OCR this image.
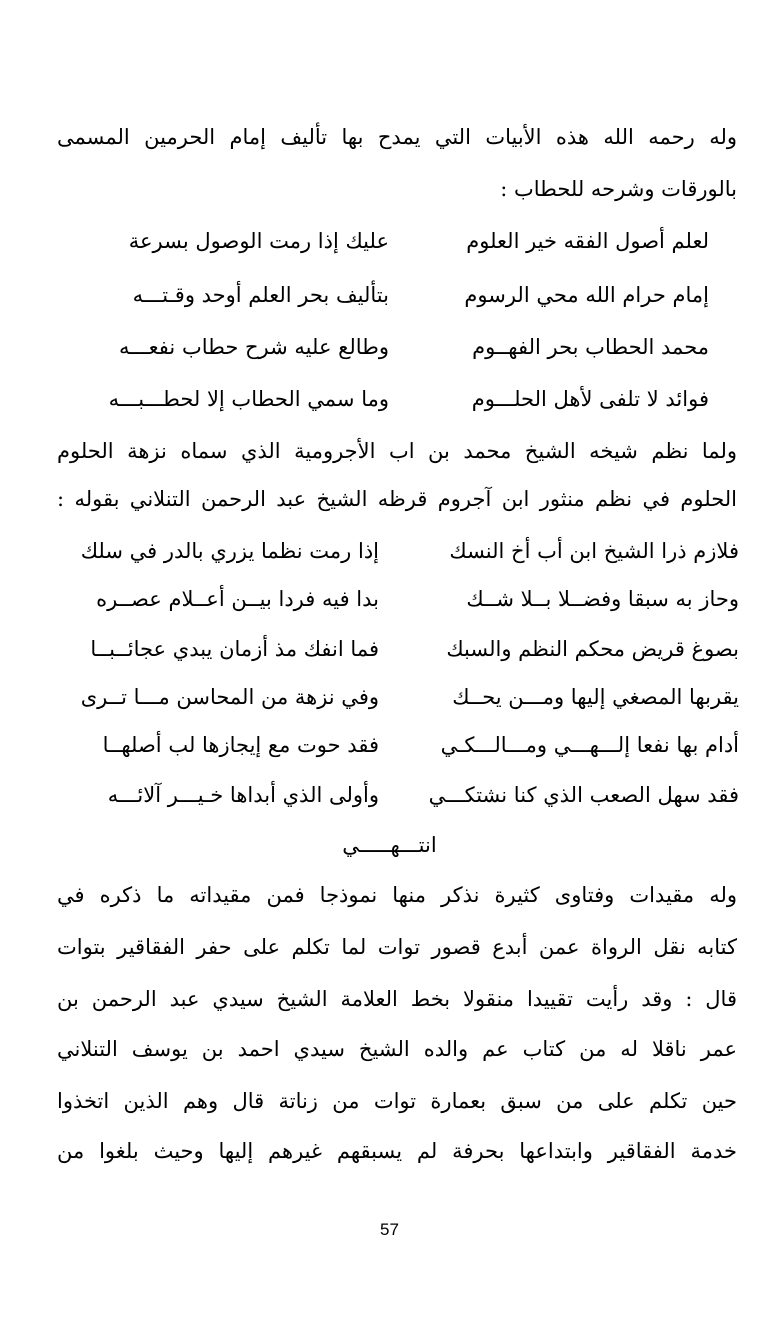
وله رحمه الله هذه الأبيات التي يمدح بها تأليف إمام الحرمين المسمى
بالورقات وشرحه للحطاب :
عليك إذا رمت الوصول بسرعة	لعلم أصول الفقه خير العلوم
بتأليف بحر العلم أوحد وقـتـــه	إمام حرام الله محي الرسوم
وطالع عليه شرح حطاب نفعـــه	محمد الحطاب بحر الفهــوم
وما سمي الحطاب إلا لحطـــبـــه	فوائد لا تلفى لأهل الحلـــوم
ولما نظم شيخه الشيخ محمد بن اب الأجرومية الذي سماه نزهة الحلوم
الحلوم في نظم منثور ابن آجروم قرظه الشيخ عبد الرحمن التنلاني بقوله :
إذا رمت نظما يزري بالدر في سلك	فلازم ذرا الشيخ ابن أب أخ النسك
بدا فيه فردا بيــن أعــلام عصــره	وحاز به سبقا وفضــلا بــلا شــك
فما انفك مذ أزمان يبدي عجائــبــا	بصوغ قريض محكم النظم والسبك
وفي نزهة من المحاسن مـــا تــرى	يقربها المصغي إليها ومـــن يحــك
فقد حوت مع إيجازها لب أصلهــا	أدام بها نفعا إلـــهـــي ومـــالـــكـي
وأولى الذي أبداها خـيـــر آلائـــه	فقد سهل الصعب الذي كنا نشتكـــي
انتـــهـــــي
وله مقيدات وفتاوى كثيرة نذكر منها نموذجا فمن مقيداته ما ذكره في
كتابه نقل الرواة عمن أبدع قصور توات لما تكلم على حفر الفقاقير بتوات
قال : وقد رأيت تقييدا منقولا بخط العلامة الشيخ سيدي عبد الرحمن بن
عمر ناقلا له من كتاب عم والده الشيخ سيدي احمد بن يوسف التنلاني
حين تكلم على من سبق بعمارة توات من زناتة قال وهم الذين اتخذوا
خدمة الفقاقير وابتداعها بحرفة لم يسبقهم غيرهم إليها وحيث بلغوا من
57
